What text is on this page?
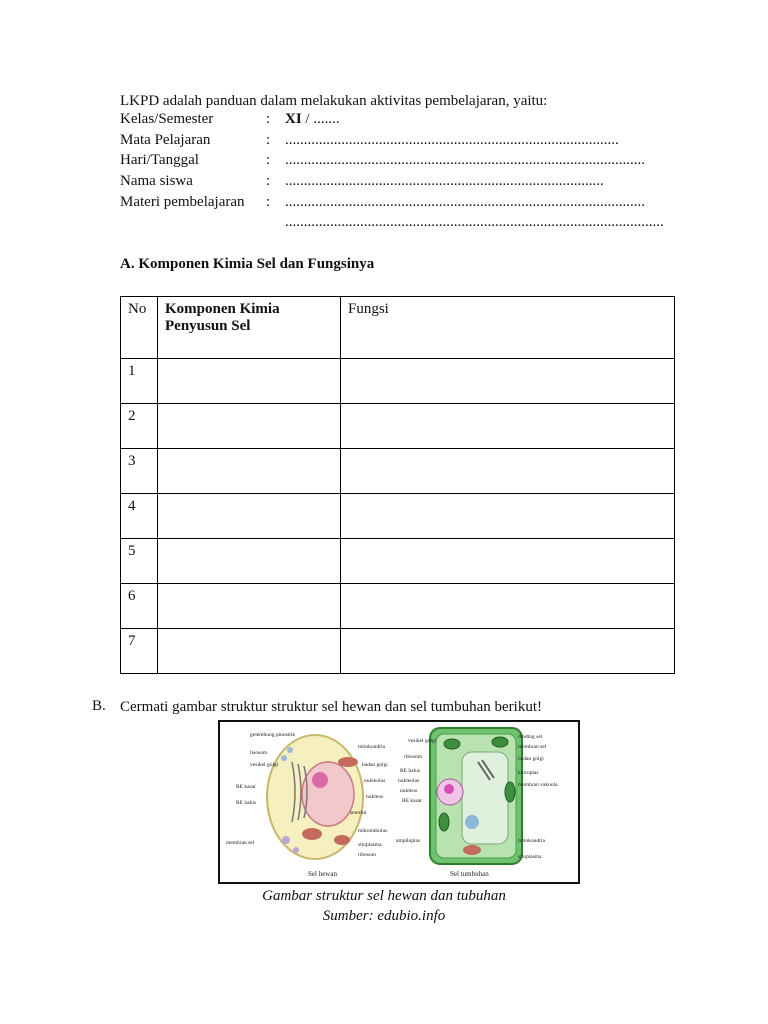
LKPD adalah panduan dalam melakukan aktivitas pembelajaran, yaitu:
Kelas/Semester	: XI / .......
Mata Pelajaran	: .........................................................................................
Hari/Tanggal	: ................................................................................................
Nama siswa	: .....................................................................................
Materi pembelajaran	: ................................................................................................
.....................................................................................................
A. Komponen Kimia Sel dan Fungsinya
No	Komponen Kimia Penyusun Sel	Fungsi
1		
2		
3		
4		
5		
6		
7		
B. Cermati gambar struktur struktur sel hewan dan sel tumbuhan berikut!
gelembung pinositik
lisosom
vesikel golgi
RE kasar
RE halus
membran sel
mitokondria
badan golgi
nukleolus
nukleus
sentriol
mikrotubulus
sitoplasma
ribosom
Sel hewan
vesikel golgi
ribosom
RE halus
nukleolus
nukleus
RE kasar
ampiloplas
dinding sel
membran sel
badan golgi
kloroplas
membran vakuola
mitokondria
sitoplasma
Sel tumbuhan
Gambar struktur sel hewan dan tubuhan
Sumber: edubio.info
